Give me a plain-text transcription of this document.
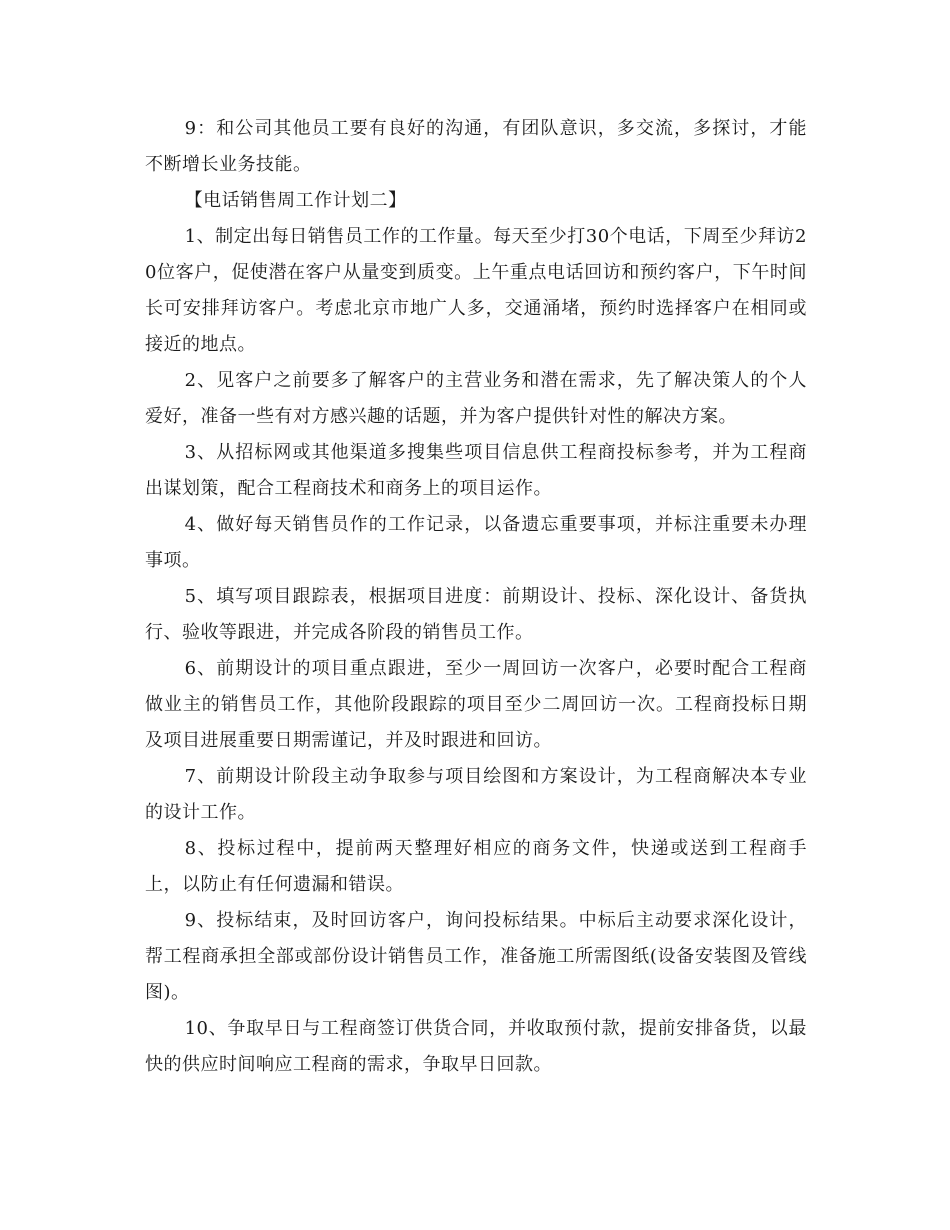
9：和公司其他员工要有良好的沟通，有团队意识，多交流，多探讨，才能不断增长业务技能。

【电话销售周工作计划二】

1、制定出每日销售员工作的工作量。每天至少打30个电话，下周至少拜访20位客户，促使潜在客户从量变到质变。上午重点电话回访和预约客户，下午时间长可安排拜访客户。考虑北京市地广人多，交通涌堵，预约时选择客户在相同或接近的地点。

2、见客户之前要多了解客户的主营业务和潜在需求，先了解决策人的个人爱好，准备一些有对方感兴趣的话题，并为客户提供针对性的解决方案。

3、从招标网或其他渠道多搜集些项目信息供工程商投标参考，并为工程商出谋划策，配合工程商技术和商务上的项目运作。

4、做好每天销售员作的工作记录，以备遗忘重要事项，并标注重要未办理事项。

5、填写项目跟踪表，根据项目进度：前期设计、投标、深化设计、备货执行、验收等跟进，并完成各阶段的销售员工作。

6、前期设计的项目重点跟进，至少一周回访一次客户，必要时配合工程商做业主的销售员工作，其他阶段跟踪的项目至少二周回访一次。工程商投标日期及项目进展重要日期需谨记，并及时跟进和回访。

7、前期设计阶段主动争取参与项目绘图和方案设计，为工程商解决本专业的设计工作。

8、投标过程中，提前两天整理好相应的商务文件，快递或送到工程商手上，以防止有任何遗漏和错误。

9、投标结束，及时回访客户，询问投标结果。中标后主动要求深化设计，帮工程商承担全部或部份设计销售员工作，准备施工所需图纸(设备安装图及管线图)。

10、争取早日与工程商签订供货合同，并收取预付款，提前安排备货，以最快的供应时间响应工程商的需求，争取早日回款。
